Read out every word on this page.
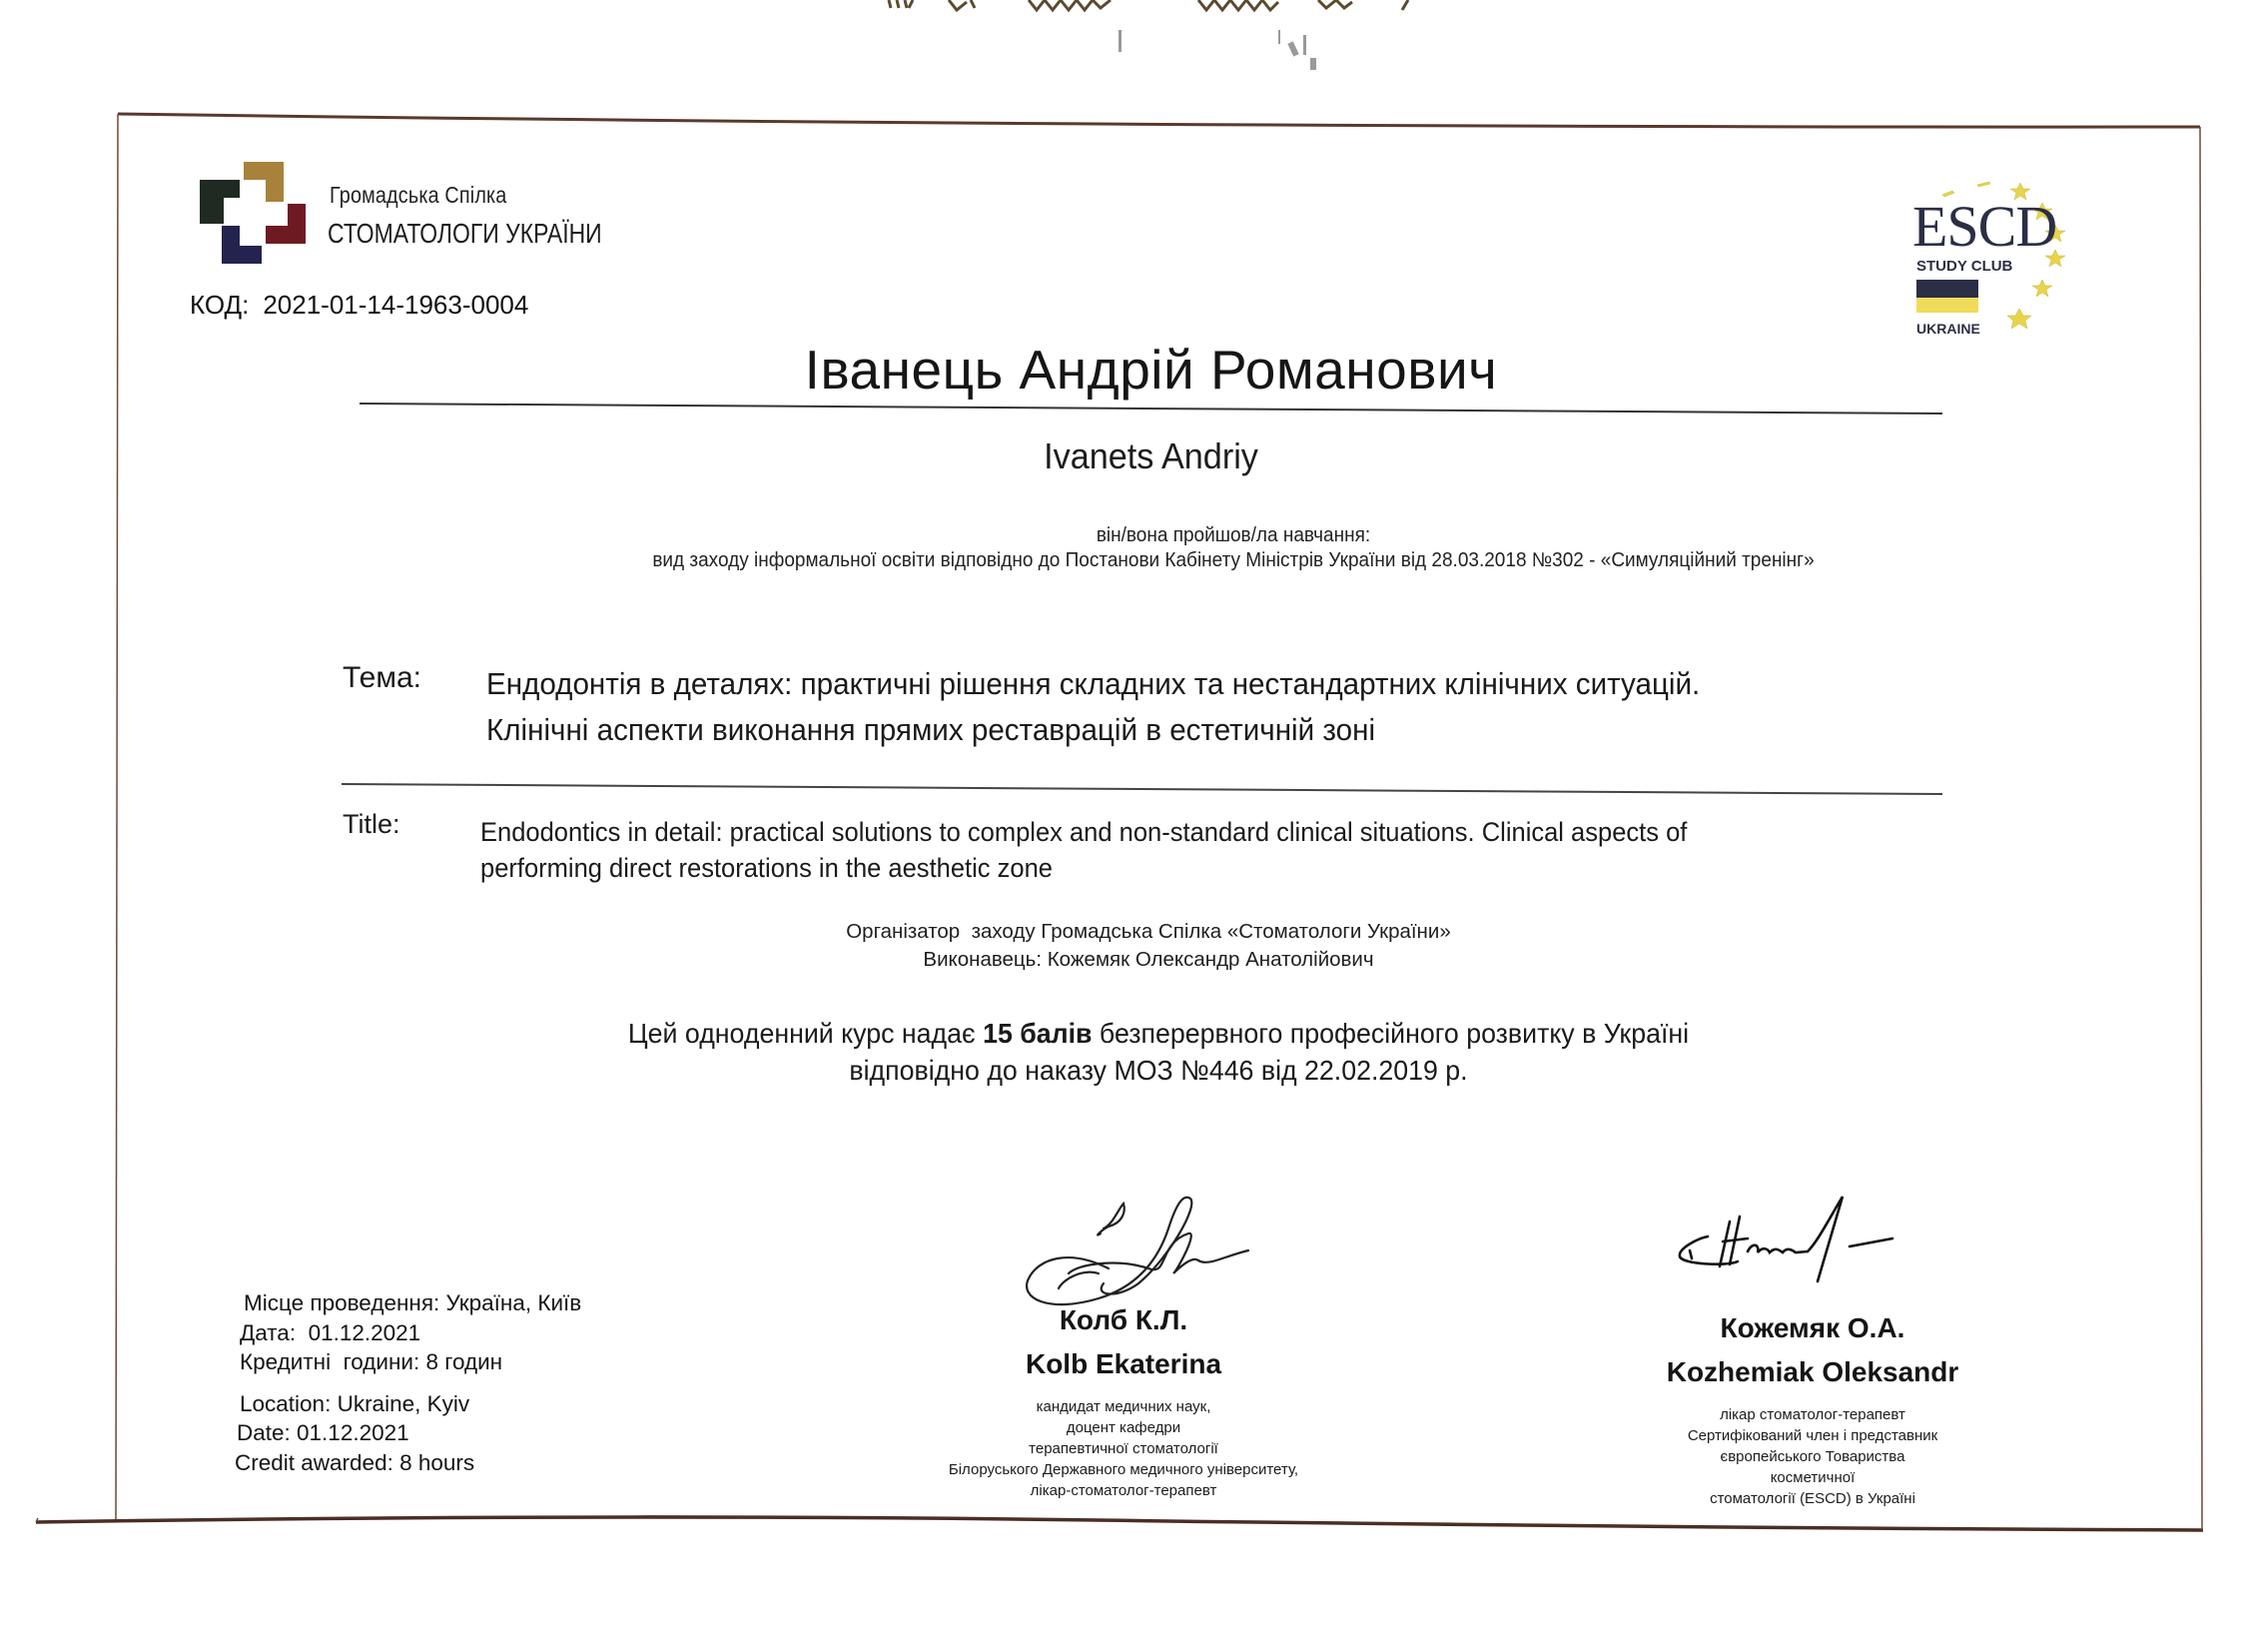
Громадська Спілка
СТОМАТОЛОГИ УКРАЇНИ
КОД: 2021-01-14-1963-0004
ESCD
STUDY CLUB
UKRAINE
Іванець Андрій Романович
Ivanets Andriy
він/вона пройшов/ла навчання:
вид заходу інформальної освіти відповідно до Постанови Кабінету Міністрів України від 28.03.2018 №302 - «Симуляційний тренінг»
Тема: Ендодонтія в деталях: практичні рішення складних та нестандартних клінічних ситуацій.
Клінічні аспекти виконання прямих реставрацій в естетичній зоні
Title:	Endodontics in detail: practical solutions to complex and non-standard clinical situations. Clinical aspects of
performing direct restorations in the aesthetic zone
Організатор  заходу Громадська Спілка «Стоматологи України»
Виконавець: Кожемяк Олександр Анатолійович
Цей одноденний курс надає 15 балів безперервного професійного розвитку в Україні
відповідно до наказу МОЗ №446 від 22.02.2019 р.
Місце проведення: Україна, Київ
Дата:  01.12.2021
Кредитні  години: 8 годин
Location: Ukraine, Kyiv
Date: 01.12.2021
Credit awarded: 8 hours
Колб К.Л.
Kolb Ekaterina
кандидат медичних наук,
доцент кафедри
терапевтичної стоматології
Білоруського Державного медичного університету,
лікар-стоматолог-терапевт
Кожемяк О.А.
Kozhemiak Oleksandr
лікар стоматолог-терапевт
Сертифікований член і представник
європейського Товариства
косметичної
стоматології (ESCD) в Україні
